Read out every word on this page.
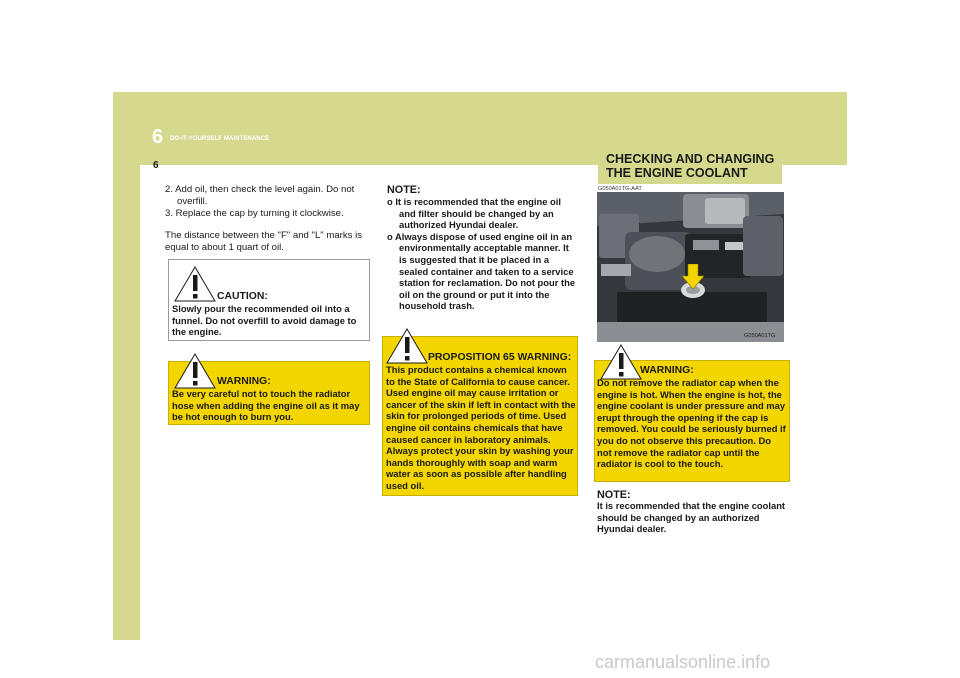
6 DO-IT-YOURSELF MAINTENANCE
6
2. Add oil, then check the level again. Do not overfill.
3. Replace the cap by turning it clockwise.
The distance between the "F" and "L" marks is equal to about 1 quart of oil.
CAUTION:
Slowly pour the recommended oil into a funnel. Do not overfill to avoid damage to the engine.
WARNING:
Be very careful not to touch the radiator hose when adding the engine oil as it may be hot enough to burn you.
NOTE:
o It is recommended that the engine oil and filter should be changed by an authorized Hyundai dealer.
o Always dispose of used engine oil in an environmentally acceptable manner. It is suggested that it be placed in a sealed container and taken to a service station for reclamation. Do not pour the oil on the ground or put it into the household trash.
PROPOSITION 65 WARNING:
This product contains a chemical known to the State of California to cause cancer. Used engine oil may cause irritation or cancer of the skin if left in contact with the skin for prolonged periods of time. Used engine oil contains chemicals that have caused cancer in laboratory animals. Always protect your skin by washing your hands thoroughly with soap and warm water as soon as possible after handling used oil.
CHECKING AND CHANGING THE ENGINE COOLANT
G050A01TG-AAT
G050A01TG
WARNING:
Do not remove the radiator cap when the engine is hot. When the engine is hot, the engine coolant is under pressure and may erupt through the opening if the cap is removed. You could be seriously burned if you do not observe this precaution. Do not remove the radiator cap until the radiator is cool to the touch.
NOTE:
It is recommended that the engine coolant should be changed by an authorized Hyundai dealer.
carmanualsonline.info
